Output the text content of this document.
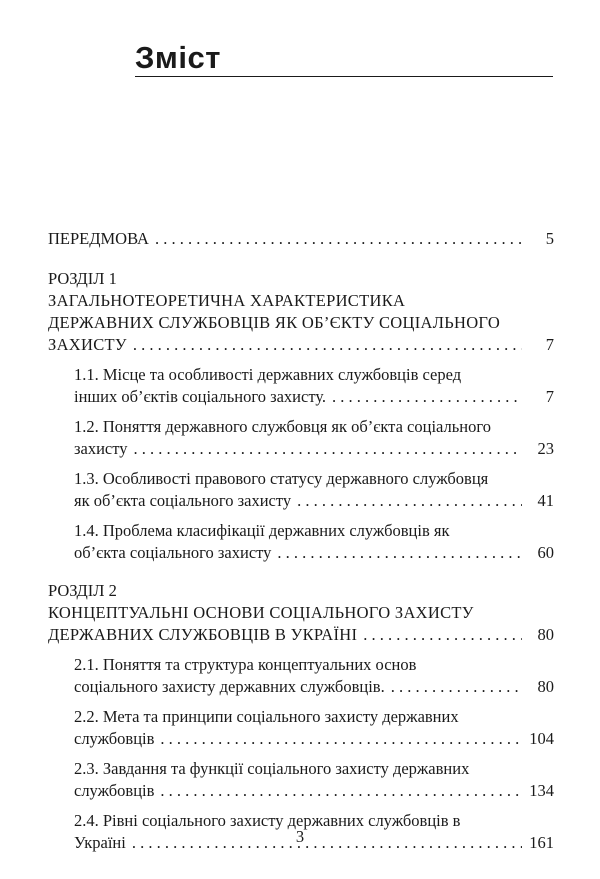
Зміст
ПЕРЕДМОВА . . .	5
РОЗДІЛ 1
ЗАГАЛЬНОТЕОРЕТИЧНА ХАРАКТЕРИСТИКА
ДЕРЖАВНИХ СЛУЖБОВЦІВ ЯК ОБ’ЄКТУ СОЦІАЛЬНОГО
ЗАХИСТУ . . .	7
1.1. Місце та особливості державних службовців серед
інших об’єктів соціального захисту. . . .	7
1.2. Поняття державного службовця як об’єкта соціального
захисту . . .	23
1.3. Особливості правового статусу державного службовця
як об’єкта соціального захисту . . .	41
1.4. Проблема класифікації державних службовців як
об’єкта соціального захисту . . .	60
РОЗДІЛ 2
КОНЦЕПТУАЛЬНІ ОСНОВИ СОЦІАЛЬНОГО ЗАХИСТУ
ДЕРЖАВНИХ СЛУЖБОВЦІВ В УКРАЇНІ . . .	80
2.1. Поняття та структура концептуальних основ
соціального захисту державних службовців. . . .	80
2.2. Мета та принципи соціального захисту державних
службовців . . .	104
2.3. Завдання та функції соціального захисту державних
службовців . . .	134
2.4. Рівні соціального захисту державних службовців в
Україні . . .	161
3
